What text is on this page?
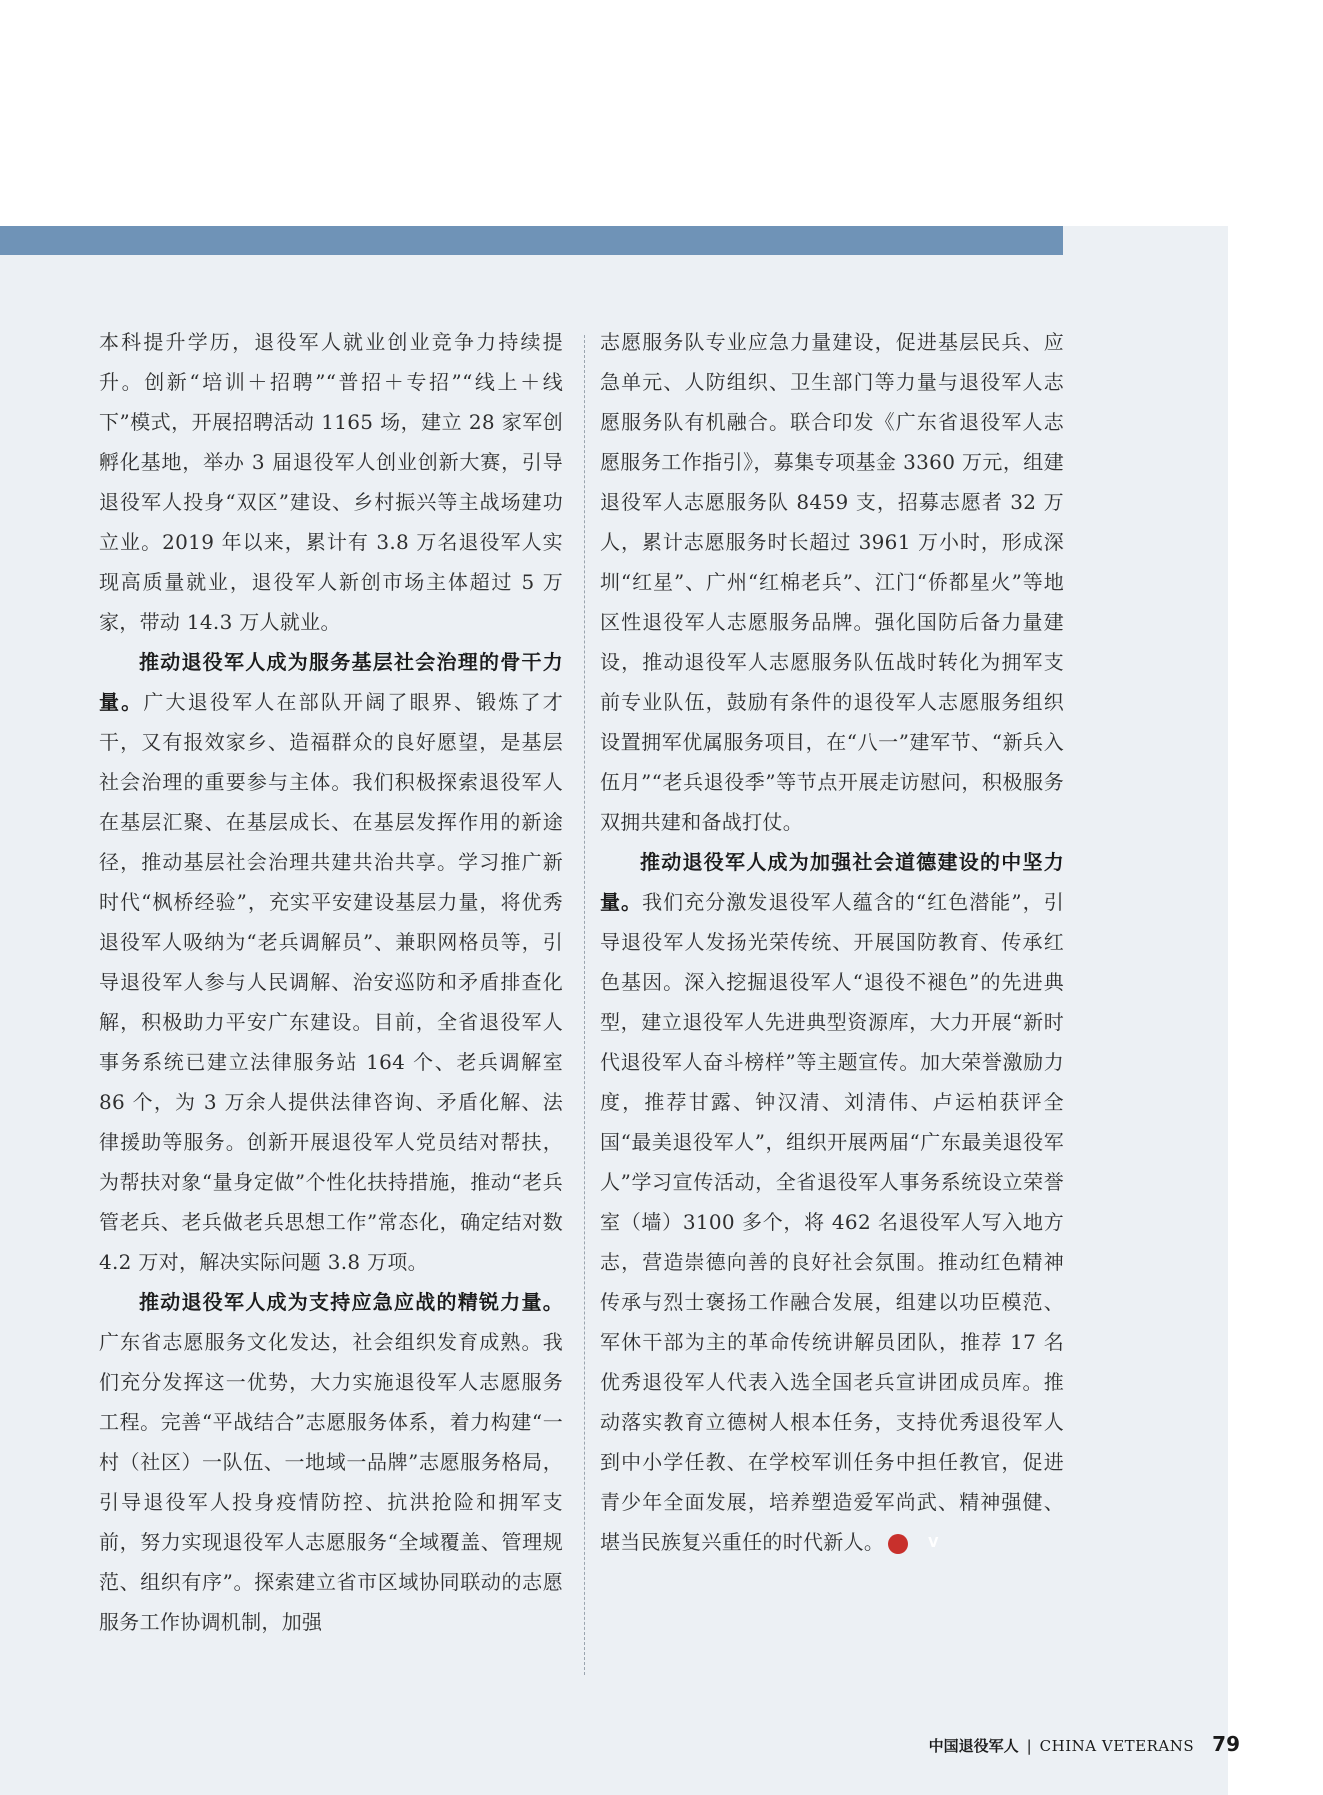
本科提升学历，退役军人就业创业竞争力持续提升。创新“培训＋招聘”“普招＋专招”“线上＋线下”模式，开展招聘活动 1165 场，建立 28 家军创孵化基地，举办 3 届退役军人创业创新大赛，引导退役军人投身“双区”建设、乡村振兴等主战场建功立业。2019 年以来，累计有 3.8 万名退役军人实现高质量就业，退役军人新创市场主体超过 5 万家，带动 14.3 万人就业。

推动退役军人成为服务基层社会治理的骨干力量。广大退役军人在部队开阔了眼界、锻炼了才干，又有报效家乡、造福群众的良好愿望，是基层社会治理的重要参与主体。我们积极探索退役军人在基层汇聚、在基层成长、在基层发挥作用的新途径，推动基层社会治理共建共治共享。学习推广新时代“枫桥经验”，充实平安建设基层力量，将优秀退役军人吸纳为“老兵调解员”、兼职网格员等，引导退役军人参与人民调解、治安巡防和矛盾排查化解，积极助力平安广东建设。目前，全省退役军人事务系统已建立法律服务站 164 个、老兵调解室 86 个，为 3 万余人提供法律咨询、矛盾化解、法律援助等服务。创新开展退役军人党员结对帮扶，为帮扶对象“量身定做”个性化扶持措施，推动“老兵管老兵、老兵做老兵思想工作”常态化，确定结对数 4.2 万对，解决实际问题 3.8 万项。

推动退役军人成为支持应急应战的精锐力量。广东省志愿服务文化发达，社会组织发育成熟。我们充分发挥这一优势，大力实施退役军人志愿服务工程。完善“平战结合”志愿服务体系，着力构建“一村（社区）一队伍、一地域一品牌”志愿服务格局，引导退役军人投身疫情防控、抗洪抢险和拥军支前，努力实现退役军人志愿服务“全域覆盖、管理规范、组织有序”。探索建立省市区域协同联动的志愿服务工作协调机制，加强

志愿服务队专业应急力量建设，促进基层民兵、应急单元、人防组织、卫生部门等力量与退役军人志愿服务队有机融合。联合印发《广东省退役军人志愿服务工作指引》，募集专项基金 3360 万元，组建退役军人志愿服务队 8459 支，招募志愿者 32 万人，累计志愿服务时长超过 3961 万小时，形成深圳“红星”、广州“红棉老兵”、江门“侨都星火”等地区性退役军人志愿服务品牌。强化国防后备力量建设，推动退役军人志愿服务队伍战时转化为拥军支前专业队伍，鼓励有条件的退役军人志愿服务组织设置拥军优属服务项目，在“八一”建军节、“新兵入伍月”“老兵退役季”等节点开展走访慰问，积极服务双拥共建和备战打仗。

推动退役军人成为加强社会道德建设的中坚力量。我们充分激发退役军人蕴含的“红色潜能”，引导退役军人发扬光荣传统、开展国防教育、传承红色基因。深入挖掘退役军人“退役不褪色”的先进典型，建立退役军人先进典型资源库，大力开展“新时代退役军人奋斗榜样”等主题宣传。加大荣誉激励力度，推荐甘露、钟汉清、刘清伟、卢运柏获评全国“最美退役军人”，组织开展两届“广东最美退役军人”学习宣传活动，全省退役军人事务系统设立荣誉室（墙）3100 多个，将 462 名退役军人写入地方志，营造崇德向善的良好社会氛围。推动红色精神传承与烈士褒扬工作融合发展，组建以功臣模范、军休干部为主的革命传统讲解员团队，推荐 17 名优秀退役军人代表入选全国老兵宣讲团成员库。推动落实教育立德树人根本任务，支持优秀退役军人到中小学任教、在学校军训任务中担任教官，促进青少年全面发展，培养塑造爱军尚武、精神强健、堪当民族复兴重任的时代新人。	V

中国退役军人 | CHINA VETERANS 79
